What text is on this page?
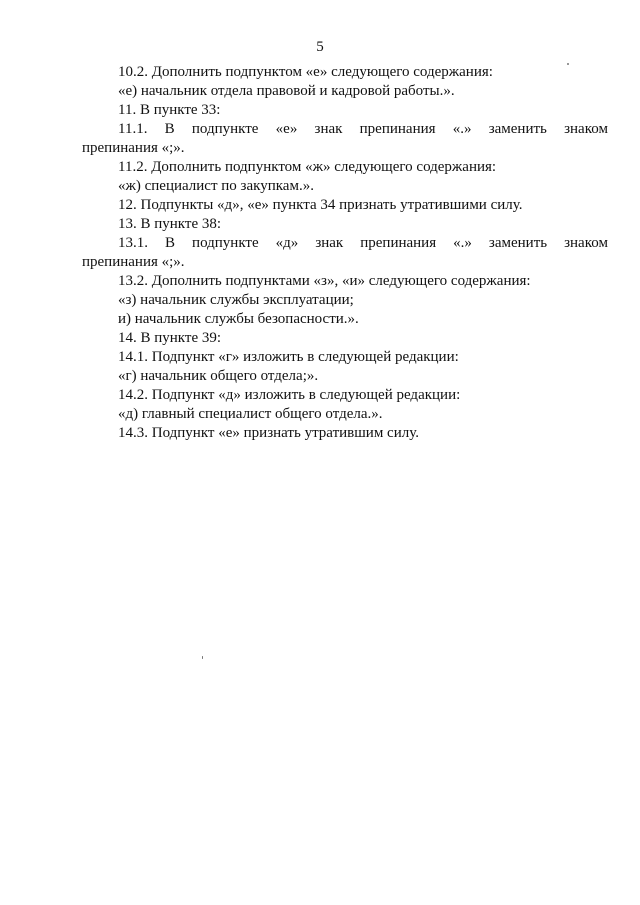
5

10.2. Дополнить подпунктом «е» следующего содержания:

«е) начальник отдела правовой и кадровой работы.».

11. В пункте 33:

11.1. В подпункте «е» знак препинания «.» заменить знаком
препинания «;».

11.2. Дополнить подпунктом «ж» следующего содержания:

«ж) специалист по закупкам.».

12. Подпункты «д», «е» пункта 34 признать утратившими силу.

13. В пункте 38:

13.1. В подпункте «д» знак препинания «.» заменить знаком
препинания «;».

13.2. Дополнить подпунктами «з», «и» следующего содержания:

«з) начальник службы эксплуатации;

и) начальник службы безопасности.».

14. В пункте 39:

14.1. Подпункт «г» изложить в следующей редакции:

«г) начальник общего отдела;».

14.2. Подпункт «д» изложить в следующей редакции:

«д) главный специалист общего отдела.».

14.3. Подпункт «е» признать утратившим силу.
